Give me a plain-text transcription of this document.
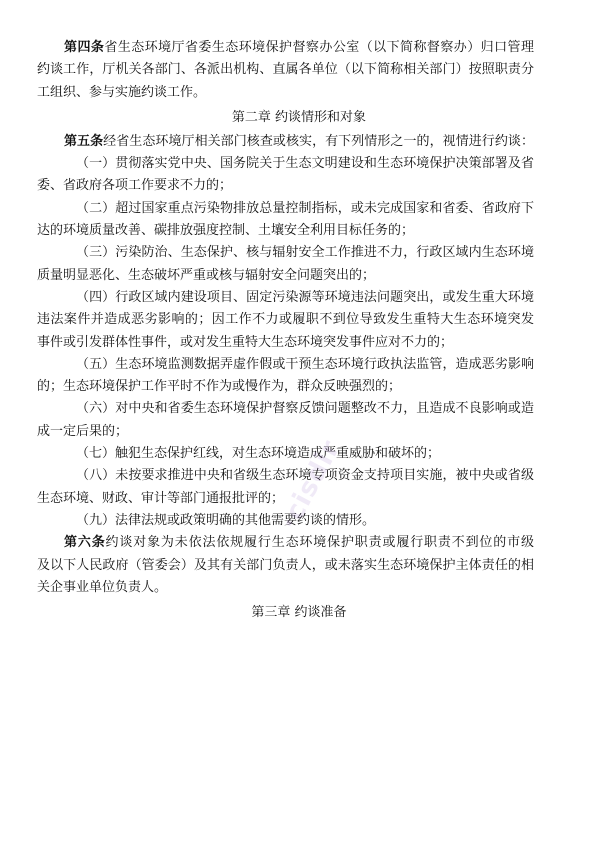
第四条省生态环境厅省委生态环境保护督察办公室（以下简称督察办）归口管理
约谈工作，厅机关各部门、各派出机构、直属各单位（以下简称相关部门）按照职责分
工组织、参与实施约谈工作。
第二章 约谈情形和对象
第五条经省生态环境厅相关部门核查或核实，有下列情形之一的，视情进行约谈：
（一）贯彻落实党中央、国务院关于生态文明建设和生态环境保护决策部署及省
委、省政府各项工作要求不力的；
（二）超过国家重点污染物排放总量控制指标，或未完成国家和省委、省政府下
达的环境质量改善、碳排放强度控制、土壤安全利用目标任务的；
（三）污染防治、生态保护、核与辐射安全工作推进不力，行政区域内生态环境
质量明显恶化、生态破坏严重或核与辐射安全问题突出的；
（四）行政区域内建设项目、固定污染源等环境违法问题突出，或发生重大环境
违法案件并造成恶劣影响的；因工作不力或履职不到位导致发生重特大生态环境突发
事件或引发群体性事件，或对发生重特大生态环境突发事件应对不力的；
（五）生态环境监测数据弄虚作假或干预生态环境行政执法监管，造成恶劣影响
的；生态环境保护工作平时不作为或慢作为，群众反映强烈的；
（六）对中央和省委生态环境保护督察反馈问题整改不力，且造成不良影响或造
成一定后果的；
（七）触犯生态保护红线，对生态环境造成严重威胁和破坏的；
（八）未按要求推进中央和省级生态环境专项资金支持项目实施，被中央或省级
生态环境、财政、审计等部门通报批评的；
（九）法律法规或政策明确的其他需要约谈的情形。
第六条约谈对象为未依法依规履行生态环境保护职责或履行职责不到位的市级
及以下人民政府（管委会）及其有关部门负责人，或未落实生态环境保护主体责任的相
关企事业单位负责人。
第三章 约谈准备
·cisdir
